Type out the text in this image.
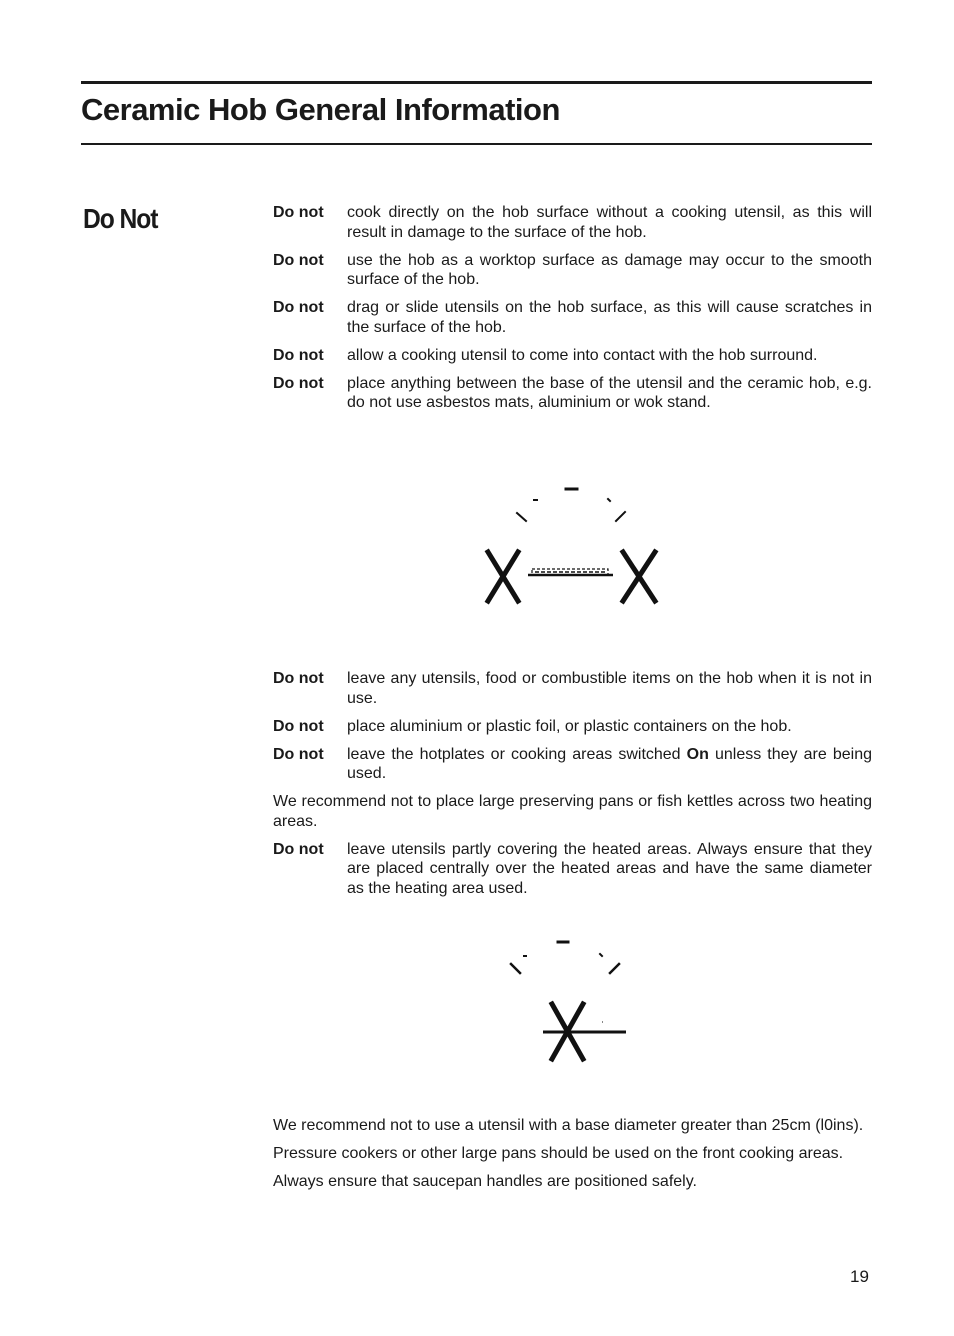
Ceramic Hob General Information
Do Not	Do not	cook directly on the hob surface without a cooking utensil, as this will result in damage to the surface of the hob.
Do not	use the hob as a worktop surface as damage may occur to the smooth surface of the hob.
Do not	drag or slide utensils on the hob surface, as this will cause scratches in the surface of the hob.
Do not	allow a cooking utensil to come into contact with the hob surround.
Do not	place anything between the base of the utensil and the ceramic hob, e.g. do not use asbestos mats, aluminium or wok stand.
Do not	leave any utensils, food or combustible items on the hob when it is not in use.
Do not	place aluminium or plastic foil, or plastic containers on the hob.
Do not	leave the hotplates or cooking areas switched On unless they are being used.

We recommend not to place large preserving pans or fish kettles across two heating areas.

Do not	leave utensils partly covering the heated areas. Always ensure that they are placed centrally over the heated areas and have the same diameter as the heating area used.

We recommend not to use a utensil with a base diameter greater than 25cm (l0ins).

Pressure cookers or other large pans should be used on the front cooking areas.

Always ensure that saucepan handles are positioned safely.

19
